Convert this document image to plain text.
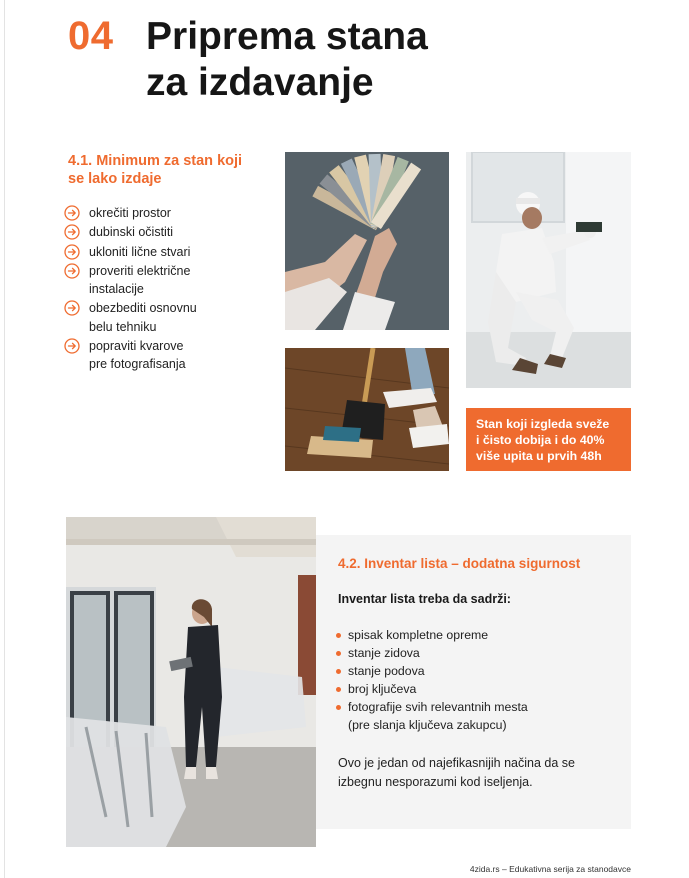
04 Priprema stana
za izdavanje
4.1. Minimum za stan koji
se lako izdaje
okrečiti prostor
dubinski očistiti
ukloniti lične stvari
proveriti električne
instalacije
obezbediti osnovnu
belu tehniku
popraviti kvarove
pre fotografisanja
Stan koji izgleda sveže
i čisto dobija i do 40%
više upita u prvih 48h
4.2. Inventar lista – dodatna sigurnost
Inventar lista treba da sadrži:
spisak kompletne opreme
stanje zidova
stanje podova
broj ključeva
fotografije svih relevantnih mesta
(pre slanja ključeva zakupcu)

Ovo je jedan od najefikasnijih načina da se
izbegnu nesporazumi kod iseljenja.

4zida.rs – Edukativna serija za stanodavce
